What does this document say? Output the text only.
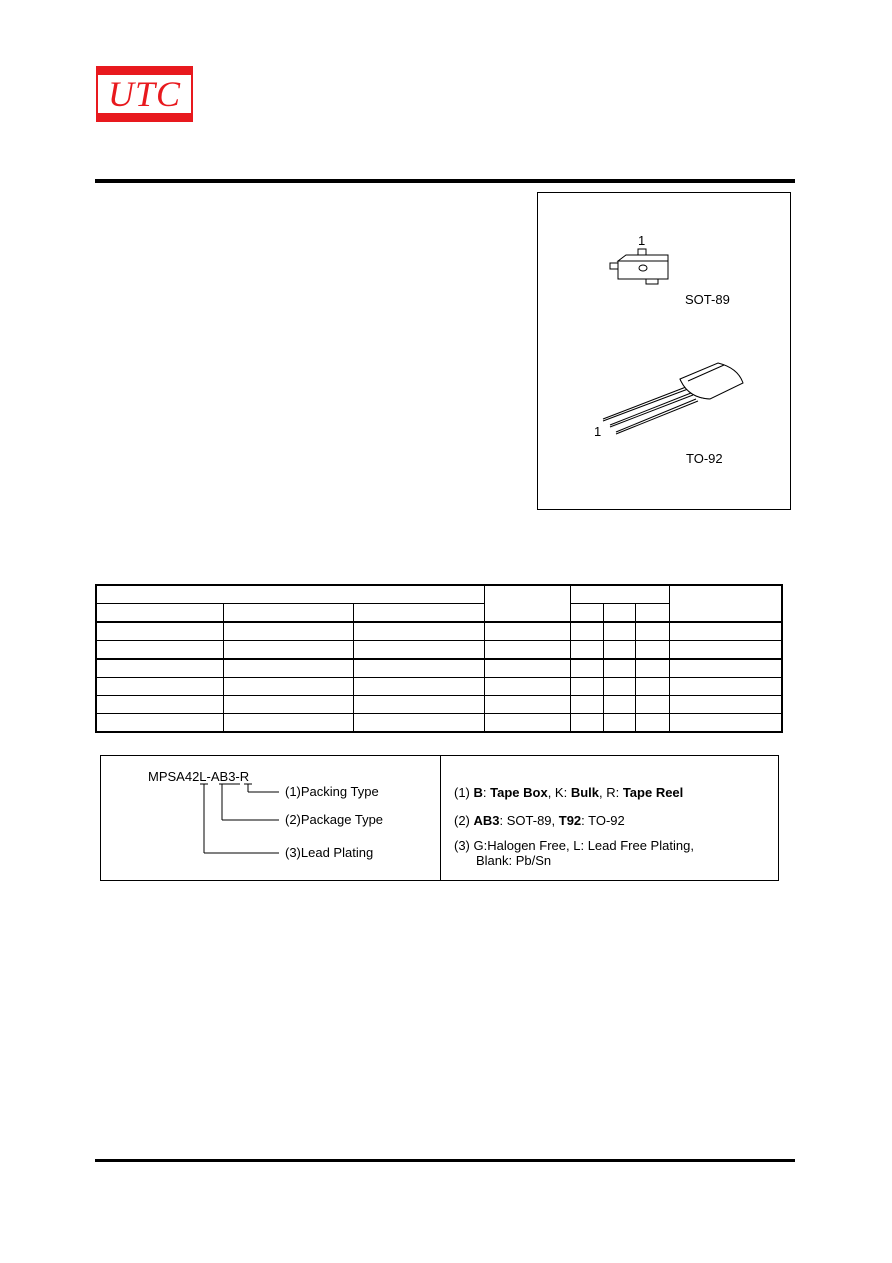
UTC
1
1
SOT-89
TO-92

MPSA42L-AB3-R
(1)Packing Type
(2)Package Type
(3)Lead Plating
(1) B: Tape Box, K: Bulk, R: Tape Reel
(2) AB3: SOT-89, T92: TO-92
(3) G:Halogen Free, L: Lead Free Plating,
Blank: Pb/Sn
